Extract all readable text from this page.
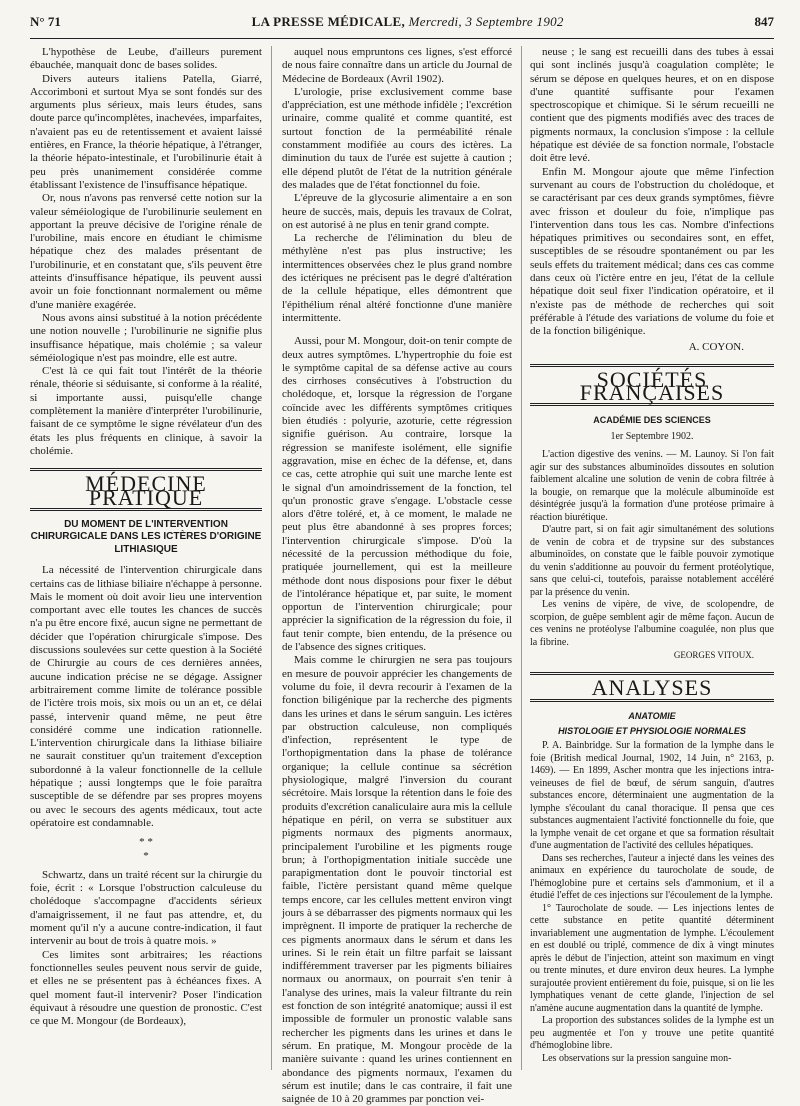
N° 71	LA PRESSE MÉDICALE, Mercredi, 3 Septembre 1902	847

L'hypothèse de Leube, d'ailleurs purement ébauchée, manquait donc de bases solides.

Divers auteurs italiens Patella, Giarré, Accorimboni et surtout Mya se sont fondés sur des arguments plus sérieux, mais leurs études, sans doute parce qu'incomplètes, inachevées, imparfaites, n'avaient pas eu de retentissement et avaient laissé entières, en France, la théorie hépatique, à l'étranger, la théorie hépato-intestinale, et l'urobilinurie était à peu près unanimement considérée comme établissant l'existence de l'insuffisance hépatique.

Or, nous n'avons pas renversé cette notion sur la valeur séméiologique de l'urobilinurie seulement en apportant la preuve décisive de l'origine rénale de l'urobiline, mais encore en étudiant le chimisme hépatique chez des malades présentant de l'urobilinurie, et en constatant que, s'ils peuvent être atteints d'insuffisance hépatique, ils peuvent aussi avoir un foie fonctionnant normalement ou même d'une manière exagérée.

Nous avons ainsi substitué à la notion précédente une notion nouvelle ; l'urobilinurie ne signifie plus insuffisance hépatique, mais cholémie ; sa valeur séméiologique n'est pas moindre, elle est autre.

C'est là ce qui fait tout l'intérêt de la théorie rénale, théorie si séduisante, si conforme à la réalité, si importante aussi, puisqu'elle change complètement la manière d'interpréter l'urobilinurie, faisant de ce symptôme le signe révélateur d'un des états les plus fréquents en clinique, à savoir la cholémie.

MÉDECINE PRATIQUE
DU MOMENT DE L'INTERVENTION CHIRURGICALE DANS LES ICTÈRES D'ORIGINE LITHIASIQUE

La nécessité de l'intervention chirurgicale dans certains cas de lithiase biliaire n'échappe à personne. Mais le moment où doit avoir lieu une intervention comportant avec elle toutes les chances de succès n'a pu être encore fixé, aucun signe ne permettant de décider que l'opération chirurgicale s'impose. Des discussions soulevées sur cette question à la Société de Chirurgie au cours de ces dernières années, aucune indication précise ne se dégage. Assigner arbitrairement comme limite de tolérance possible de l'ictère trois mois, six mois ou un an et, ce délai passé, intervenir quand même, ne peut être considéré comme une indication rationnelle. L'intervention chirurgicale dans la lithiase biliaire ne saurait constituer qu'un traitement d'exception subordonné à la valeur fonctionnelle de la cellule hépatique ; aussi longtemps que le foie paraîtra susceptible de se défendre par ses propres moyens ou avec le secours des agents médicaux, tout acte opératoire est condamnable.

* *
*

Schwartz, dans un traité récent sur la chirurgie du foie, écrit : « Lorsque l'obstruction calculeuse du cholédoque s'accompagne d'accidents sérieux d'amaigrissement, il ne faut pas attendre, et, du moment qu'il n'y a aucune contre-indication, il faut intervenir au bout de trois à quatre mois. »

Ces limites sont arbitraires; les réactions fonctionnelles seules peuvent nous servir de guide, et elles ne se présentent pas à échéances fixes. A quel moment faut-il intervenir? Poser l'indication équivaut à résoudre une question de pronostic. C'est ce que M. Mongour (de Bordeaux),

auquel nous empruntons ces lignes, s'est efforcé de nous faire connaître dans un article du Journal de Médecine de Bordeaux (Avril 1902).

L'urologie, prise exclusivement comme base d'appréciation, est une méthode infidèle ; l'excrétion urinaire, comme qualité et comme quantité, est surtout fonction de la perméabilité rénale constamment modifiée au cours des ictères. La diminution du taux de l'urée est sujette à caution ; elle dépend plutôt de l'état de la nutrition générale des malades que de l'état fonctionnel du foie.

L'épreuve de la glycosurie alimentaire a en son heure de succès, mais, depuis les travaux de Colrat, on est autorisé à ne plus en tenir grand compte.

La recherche de l'élimination du bleu de méthylène n'est pas plus instructive; les intermittences observées chez le plus grand nombre des ictériques ne précisent pas le degré d'altération de la cellule hépatique, elles démontrent que l'épithélium rénal altéré fonctionne d'une manière intermittente.

Aussi, pour M. Mongour, doit-on tenir compte de deux autres symptômes. L'hypertrophie du foie est le symptôme capital de sa défense active au cours des cirrhoses consécutives à l'obstruction du cholédoque, et, lorsque la régression de l'organe coïncide avec les différents symptômes critiques bien étudiés : polyurie, azoturie, cette régression signifie guérison. Au contraire, lorsque la régression se manifeste isolément, elle signifie aggravation, mise en échec de la défense, et, dans ce cas, cette atrophie qui suit une marche lente est le signal d'un amoindrissement de la fonction, tel qu'un pronostic grave s'engage. L'obstacle cesse alors d'être toléré, et, à ce moment, le malade ne peut plus être abandonné à ses propres forces; l'intervention chirurgicale s'impose. D'où la nécessité de la percussion méthodique du foie, pratiquée journellement, qui est la meilleure méthode dont nous disposions pour fixer le début de l'intolérance hépatique et, par suite, le moment opportun de l'intervention chirurgicale; pour apprécier la signification de la régression du foie, il faut tenir compte, bien entendu, de la présence ou de l'absence des signes critiques.

Mais comme le chirurgien ne sera pas toujours en mesure de pouvoir apprécier les changements de volume du foie, il devra recourir à l'examen de la fonction biligénique par la recherche des pigments dans les urines et dans le sérum sanguin. Les ictères par obstruction calculeuse, non compliqués d'infection, représentent le type de l'orthopigmentation dans la phase de tolérance organique; la cellule continue sa sécrétion physiologique, malgré l'inversion du courant sécrétoire. Mais lorsque la rétention dans le foie des produits d'excrétion canaliculaire aura mis la cellule hépatique en péril, on verra se substituer aux pigments normaux des pigments anormaux, principalement l'urobiline et les pigments rouge brun; à l'orthopigmentation initiale succède une parapigmentation dont le pouvoir tinctorial est faible, l'ictère persistant quand même quelque temps encore, car les cellules mettent environ vingt jours à se débarrasser des pigments normaux qui les imprègnent. Il importe de pratiquer la recherche de ces pigments anormaux dans le sérum et dans les urines. Si le rein était un filtre parfait se laissant indifféremment traverser par les pigments biliaires normaux ou anormaux, on pourrait s'en tenir à l'analyse des urines, mais la valeur filtrante du rein est fonction de son intégrité anatomique; aussi il est impossible de formuler un pronostic valable sans rechercher les pigments dans les urines et dans le sérum. En pratique, M. Mongour procède de la manière suivante : quand les urines contiennent en abondance des pigments normaux, l'examen du sérum est inutile; dans le cas contraire, il fait une saignée de 10 à 20 grammes par ponction vei-

neuse ; le sang est recueilli dans des tubes à essai qui sont inclinés jusqu'à coagulation complète; le sérum se dépose en quelques heures, et on en dispose d'une quantité suffisante pour l'examen spectroscopique et chimique. Si le sérum recueilli ne contient que des pigments modifiés avec des traces de pigments normaux, la conclusion s'impose : la cellule hépatique est déviée de sa fonction normale, l'obstacle doit être levé.

Enfin M. Mongour ajoute que même l'infection survenant au cours de l'obstruction du cholédoque, et se caractérisant par ces deux grands symptômes, fièvre avec frisson et douleur du foie, n'implique pas l'intervention dans tous les cas. Nombre d'infections hépatiques primitives ou secondaires sont, en effet, susceptibles de se résoudre spontanément ou par les seuls effets du traitement médical; dans ces cas comme dans ceux où l'ictère entre en jeu, l'état de la cellule hépatique doit seul fixer l'indication opératoire, et il n'existe pas de méthode de recherches qui soit préférable à l'étude des variations de volume du foie et de la fonction biligénique.

A. COYON.
SOCIÉTÉS FRANÇAISES
ACADÉMIE DES SCIENCES
1er Septembre 1902.

L'action digestive des venins. — M. Launoy. Si l'on fait agir sur des substances albuminoïdes dissoutes en solution faiblement alcaline une solution de venin de cobra filtrée à la bougie, on remarque que la molécule albuminoïde est désintégrée jusqu'à la formation d'une protéose primaire à réaction biurétique.

D'autre part, si on fait agir simultanément des solutions de venin de cobra et de trypsine sur des substances albuminoïdes, on constate que le faible pouvoir zymotique du venin s'additionne au pouvoir du ferment protéolytique, sans que celui-ci, toutefois, paraisse notablement accéléré par la présence du venin.

Les venins de vipère, de vive, de scolopendre, de scorpion, de guêpe semblent agir de même façon. Aucun de ces venins ne protéolyse l'albumine coagulée, non plus que la fibrine.

GEORGES VITOUX.
ANALYSES
ANATOMIE
HISTOLOGIE ET PHYSIOLOGIE NORMALES

P. A. Bainbridge. Sur la formation de la lymphe dans le foie (British medical Journal, 1902, 14 Juin, n° 2163, p. 1469). — En 1899, Ascher montra que les injections intra-veineuses de fiel de bœuf, de sérum sanguin, d'autres substances encore, déterminaient une augmentation de la lymphe s'écoulant du canal thoracique. Il pensa que ces substances augmentaient l'activité fonctionnelle du foie, que la lymphe venait de cet organe et que sa formation résultait d'une augmentation de l'activité des cellules hépatiques.

Dans ses recherches, l'auteur a injecté dans les veines des animaux en expérience du taurocholate de soude, de l'hémoglobine pure et certains sels d'ammonium, et il a étudié l'effet de ces injections sur l'écoulement de la lymphe.

1° Taurocholate de soude. — Les injections lentes de cette substance en petite quantité déterminent invariablement une augmentation de lymphe. L'écoulement en est doublé ou triplé, commence de dix à vingt minutes après le début de l'injection, atteint son maximum en vingt ou trente minutes, et dure environ deux heures. La lymphe surajoutée provient entièrement du foie, puisque, si on lie les lymphatiques venant de cette glande, l'injection de sel n'amène aucune augmentation dans la quantité de lymphe.

La proportion des substances solides de la lymphe est un peu augmentée et l'on y trouve une petite quantité d'hémoglobine libre.

Les observations sur la pression sanguine mon-
